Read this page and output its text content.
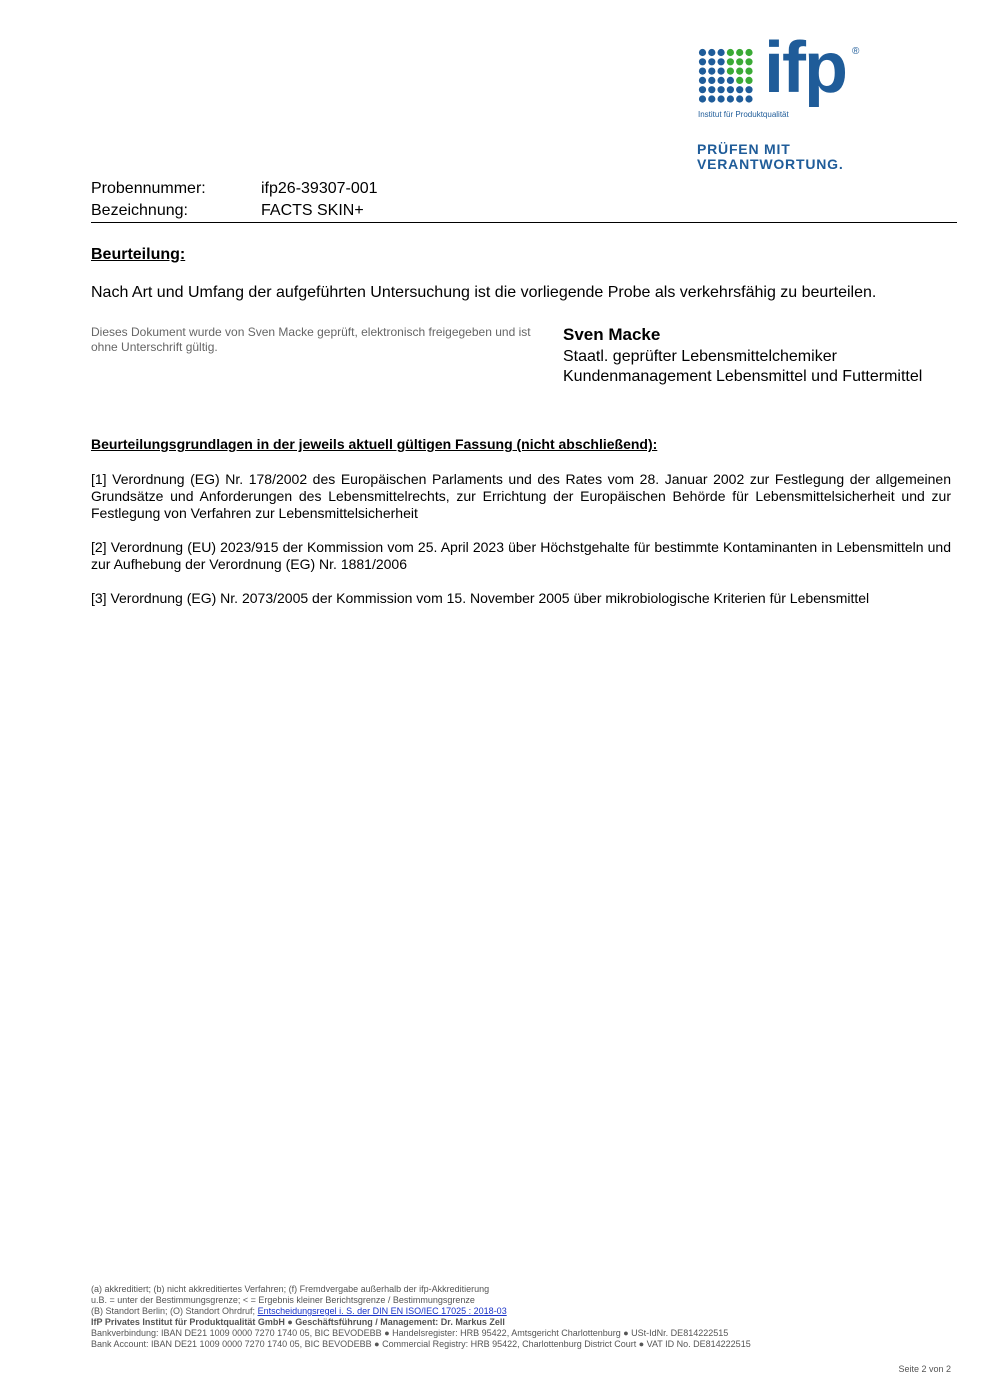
ifp ®
Institut für Produktqualität
PRÜFEN MIT
VERANTWORTUNG.
Probennummer:	ifp26-39307-001
Bezeichnung:	FACTS SKIN+
Beurteilung:
Nach Art und Umfang der aufgeführten Untersuchung ist die vorliegende Probe als verkehrsfähig zu beurteilen.
Dieses Dokument wurde von Sven Macke geprüft, elektronisch freigegeben und ist ohne Unterschrift gültig.
Sven Macke
Staatl. geprüfter Lebensmittelchemiker
Kundenmanagement Lebensmittel und Futtermittel
Beurteilungsgrundlagen in der jeweils aktuell gültigen Fassung (nicht abschließend):
[1] Verordnung (EG) Nr. 178/2002 des Europäischen Parlaments und des Rates vom 28. Januar 2002 zur Festlegung der allgemeinen Grundsätze und Anforderungen des Lebensmittelrechts, zur Errichtung der Europäischen Behörde für Lebensmittelsicherheit und zur Festlegung von Verfahren zur Lebensmittelsicherheit
[2] Verordnung (EU) 2023/915 der Kommission vom 25. April 2023 über Höchstgehalte für bestimmte Kontaminanten in Lebensmitteln und zur Aufhebung der Verordnung (EG) Nr. 1881/2006
[3] Verordnung (EG) Nr. 2073/2005 der Kommission vom 15. November 2005 über mikrobiologische Kriterien für Lebensmittel
(a) akkreditiert; (b) nicht akkreditiertes Verfahren; (f) Fremdvergabe außerhalb der ifp-Akkreditierung
u.B. = unter der Bestimmungsgrenze; < = Ergebnis kleiner Berichtsgrenze / Bestimmungsgrenze
(B) Standort Berlin; (O) Standort Ohrdruf; Entscheidungsregel i. S. der DIN EN ISO/IEC 17025 : 2018-03
IfP Privates Institut für Produktqualität GmbH ● Geschäftsführung / Management: Dr. Markus Zell
Bankverbindung: IBAN DE21 1009 0000 7270 1740 05, BIC BEVODEBB ● Handelsregister: HRB 95422, Amtsgericht Charlottenburg ● USt-IdNr. DE814222515
Bank Account: IBAN DE21 1009 0000 7270 1740 05, BIC BEVODEBB ● Commercial Registry: HRB 95422, Charlottenburg District Court ● VAT ID No. DE814222515
Seite 2 von 2
